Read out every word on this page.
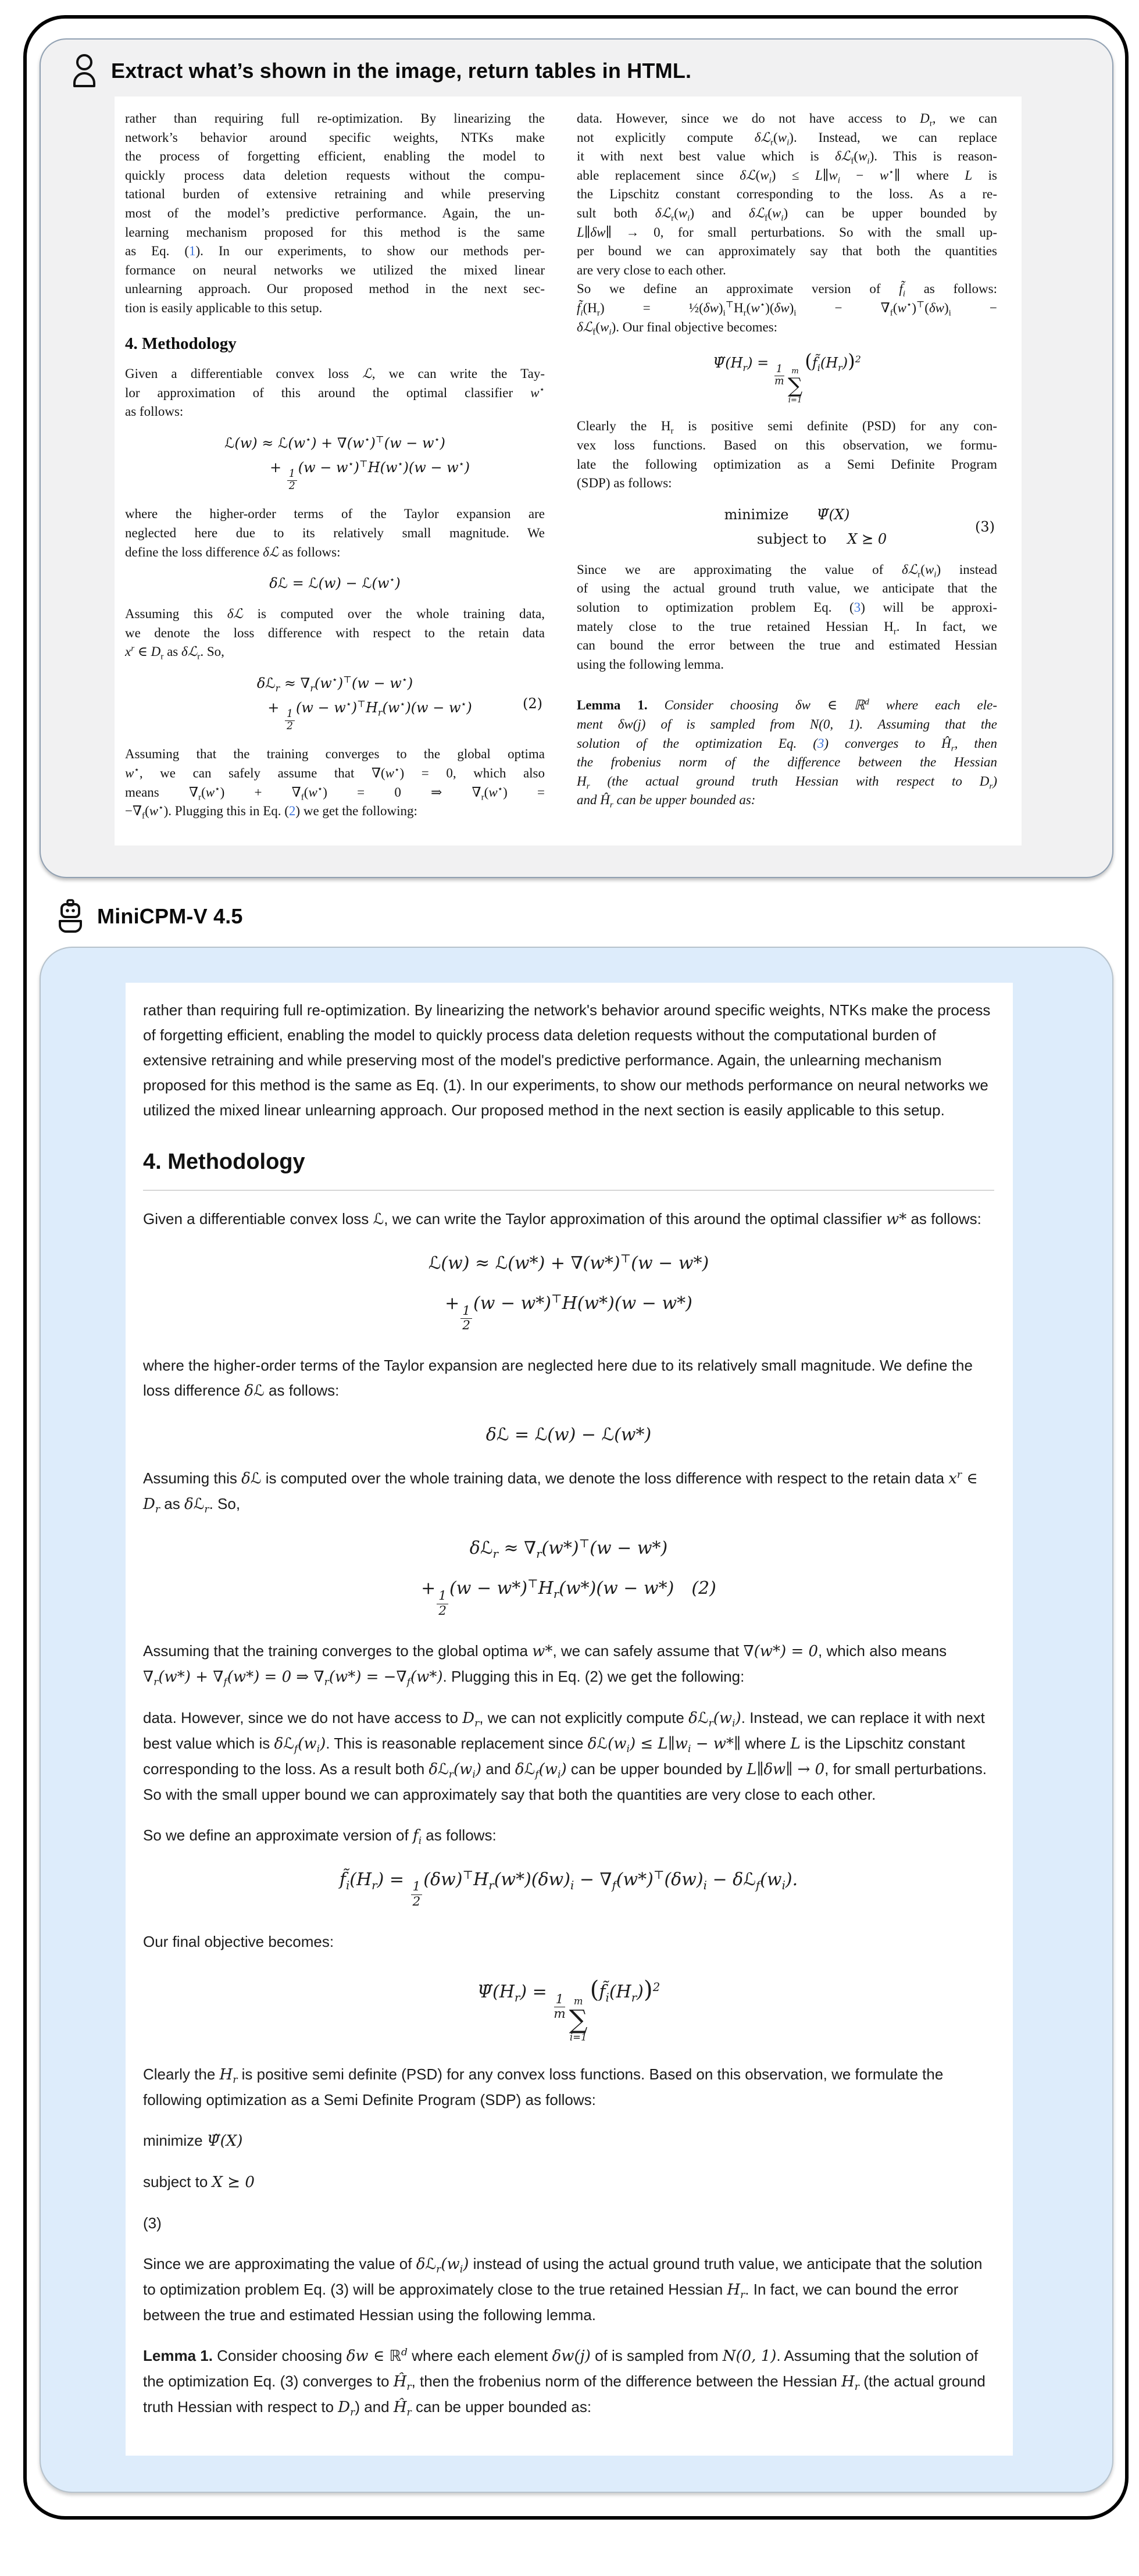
Extract what’s shown in the image, return tables in HTML.
rather than requiring full re-optimization. By linearizing the
network’s behavior around specific weights, NTKs make
the process of forgetting efficient, enabling the model to
quickly process data deletion requests without the compu-
tational burden of extensive retraining and while preserving
most of the model’s predictive performance. Again, the un-
learning mechanism proposed for this method is the same
as Eq. (1). In our experiments, to show our methods per-
formance on neural networks we utilized the mixed linear
unlearning approach. Our proposed method in the next sec-
tion is easily applicable to this setup.
4. Methodology
Given a differentiable convex loss ℒ, we can write the Tay-
lor approximation of this around the optimal classifier w⋆
as follows:
ℒ(w) ≈ ℒ(w⋆) + ∇(w⋆)⊤(w − w⋆)
+
$\frac{1}{2}$
(w − w⋆)⊤H(w⋆)(w − w⋆)
where the higher-order terms of the Taylor expansion are
neglected here due to its relatively small magnitude. We
define the loss difference δℒ as follows:
δℒ = ℒ(w) − ℒ(w⋆)
Assuming this δℒ is computed over the whole training data,
we denote the loss difference with respect to the retain data
$x^r$ ∈ $D_r$ as δℒ$_r$. So,
δℒ$_r$ ≈ $\nabla_r(w^⋆)^⊤(w - w^⋆)$
+
$\frac{1}{2}$
$(w - w^⋆)^⊤H_r(w^⋆)(w - w^⋆)$	(2)
Assuming that the training converges to the global optima
w⋆, we can safely assume that ∇(w⋆) = 0, which also
means $\nabla_r(w^⋆) + \nabla_f(w^⋆) = 0$ ⇒ $\nabla_r(w^⋆)$ =
$-\nabla_f(w^⋆)$. Plugging this in Eq. (2) we get the following:
data. However, since we do not have access to $D_r$, we can
not explicitly compute $\delta ℒ_r(w_i)$. Instead, we can replace
it with next best value which is $\delta ℒ_f(w_i)$. This is reason-
able replacement since $\delta ℒ(w_i)$ ≤ $L\parallel w_i$ − w⋆∥ where L is
the Lipschitz constant corresponding to the loss. As a re-
sult both $\delta ℒ_r(w_i)$ and $\delta ℒ_f(w_i)$ can be upper bounded by
L∥δw∥ → 0, for small perturbations. So with the small up-
per bound we can approximately say that both the quantities
are very close to each other.
So we define an approximate version of $f̃_i$ as follows:
$f̃_i(H_r)$ = $\frac{1}{2}(\delta w)_i^⊤H_r(w^⋆)(\delta w)_i - \nabla_f(w^⋆)^⊤(\delta w)_i$ −
$\delta ℒ_f(w_i)$. Our final objective becomes:
$\Psĩ(H_r)$ =
$\frac{1}{m}$ m
∑
i=1
$(f̃_i(H_r))^2$
Clearly the $H_r$ is positive semi definite (PSD) for any con-
vex loss functions. Based on this observation, we formu-
late the following optimization as a Semi Definite Program
(SDP) as follows:
minimize  Ψ̃(X)
subject to  X ⪰ 0
(3)
Since we are approximating the value of $\delta ℒ_r(w_i)$ instead
of using the actual ground truth value, we anticipate that the
solution to optimization problem Eq. (3) will be approxi-
mately close to the true retained Hessian $H_r$. In fact, we
can bound the error between the true and estimated Hessian
using the following lemma.
Lemma 1. Consider choosing δw ∈ ℝ$^d$ where each ele-
ment δw(j) of is sampled from N(0, 1). Assuming that the
solution of the optimization Eq. (3) converges to $Ĥ_r$, then
the frobenius norm of the difference between the Hessian
$H_r$ (the actual ground truth Hessian with respect to $D_r$)
and $Ĥ_r$ can be upper bounded as:
MiniCPM-V 4.5
rather than requiring full re-optimization. By linearizing the network's behavior around specific weights, NTKs make the process of forgetting efficient, enabling the model to quickly process data deletion requests without the computational burden of extensive retraining and while preserving most of the model's predictive performance. Again, the unlearning mechanism proposed for this method is the same as Eq. (1). In our experiments, to show our methods performance on neural networks we utilized the mixed linear unlearning approach. Our proposed method in the next section is easily applicable to this setup.
4. Methodology
Given a differentiable convex loss ℒ, we can write the Taylor approximation of this around the optimal classifier w* as follows:
ℒ(w) ≈ ℒ(w*) + ∇(w*)⊤(w − w*)
+
$\frac{1}{2}$
(w − w*)⊤H(w*)(w − w*)
where the higher-order terms of the Taylor expansion are neglected here due to its relatively small magnitude. We define the loss difference δℒ as follows:
δℒ = ℒ(w) − ℒ(w*)
Assuming this δℒ is computed over the whole training data, we denote the loss difference with respect to the retain data $x^r$ ∈ $D_r$ as δℒ$_r$. So,
δℒ$_r$ ≈ $\nabla_r(w*)^⊤(w - w*)$
+
$\frac{1}{2}$
$(w - w*)^⊤H_r(w*)(w - w*)$ (2)
Assuming that the training converges to the global optima w*, we can safely assume that ∇(w*) = 0, which also means $\nabla_r(w*) + \nabla_f(w*) = 0$ ⇒ $\nabla_r(w*) = -\nabla_f(w*)$. Plugging this in Eq. (2) we get the following:
data. However, since we do not have access to $D_r$, we can not explicitly compute $\delta ℒ_r(w_i)$. Instead, we can replace it with next best value which is $\delta ℒ_f(w_i)$. This is reasonable replacement since $\delta ℒ(w_i)$ ≤ $L\parallel w_i$ − w*∥ where L is the Lipschitz constant corresponding to the loss. As a result both $\delta ℒ_r(w_i)$ and $\delta ℒ_f(w_i)$ can be upper bounded by L∥δw∥ → 0, for small perturbations. So with the small upper bound we can approximately say that both the quantities are very close to each other.
So we define an approximate version of $f_i$ as follows:
$f̃_i(H_r)$ =
$\frac{1}{2}$
$(\delta w)^⊤H_r(w*)(\delta w)_i - \nabla_f(w*)^⊤(\delta w)_i$ − $\delta ℒ_f(w_i)$.
Our final objective becomes:
$\Psĩ(H_r)$ =
$\frac{1}{m}$ m
∑
i=1
$(f̃_i(H_r))^2$
Clearly the $H_r$ is positive semi definite (PSD) for any convex loss functions. Based on this observation, we formulate the following optimization as a Semi Definite Program (SDP) as follows:
minimize Ψ̃(X)
subject to X ⪰ 0
(3)
Since we are approximating the value of $\delta ℒ_r(w_i)$ instead of using the actual ground truth value, we anticipate that the solution to optimization problem Eq. (3) will be approximately close to the true retained Hessian $H_r$. In fact, we can bound the error between the true and estimated Hessian using the following lemma.
Lemma 1. Consider choosing δw ∈ ℝ$^d$ where each element δw(j) of is sampled from N(0, 1). Assuming that the solution of the optimization Eq. (3) converges to $Ĥ_r$, then the frobenius norm of the difference between the Hessian $H_r$ (the actual ground truth Hessian with respect to $D_r$) and $Ĥ_r$ can be upper bounded as:
